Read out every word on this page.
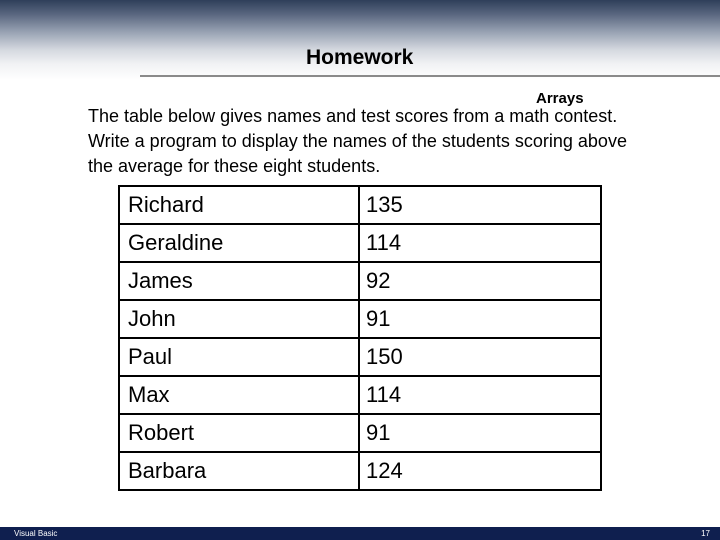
Homework
Arrays
The table below gives names and test scores from a math contest. Write a program to display the names of the students scoring above the average for these eight students.
Richard	135
Geraldine	114
James	92
John	91
Paul	150
Max	114
Robert	91
Barbara	124
Visual Basic	17
